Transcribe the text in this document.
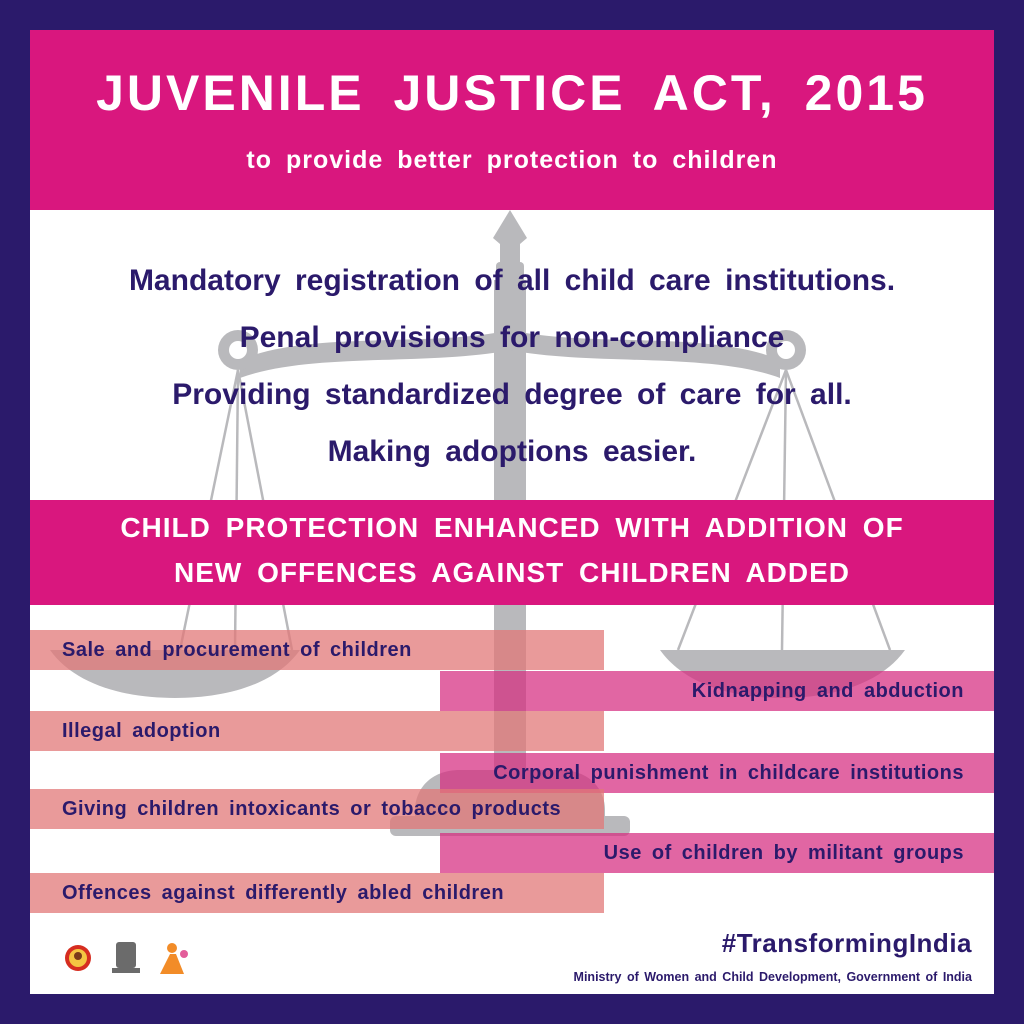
JUVENILE JUSTICE ACT, 2015
to provide better protection to children
Mandatory registration of all child care institutions.
Penal provisions for non-compliance
Providing standardized degree of care for all.
Making adoptions easier.
CHILD PROTECTION ENHANCED WITH ADDITION OF
NEW OFFENCES AGAINST CHILDREN ADDED
Sale and procurement of children
Kidnapping and abduction
Illegal adoption
Corporal punishment in childcare institutions
Giving children intoxicants or tobacco products
Use of children by militant groups
Offences against differently abled children
#TransformingIndia
Ministry of Women and Child Development, Government of India
